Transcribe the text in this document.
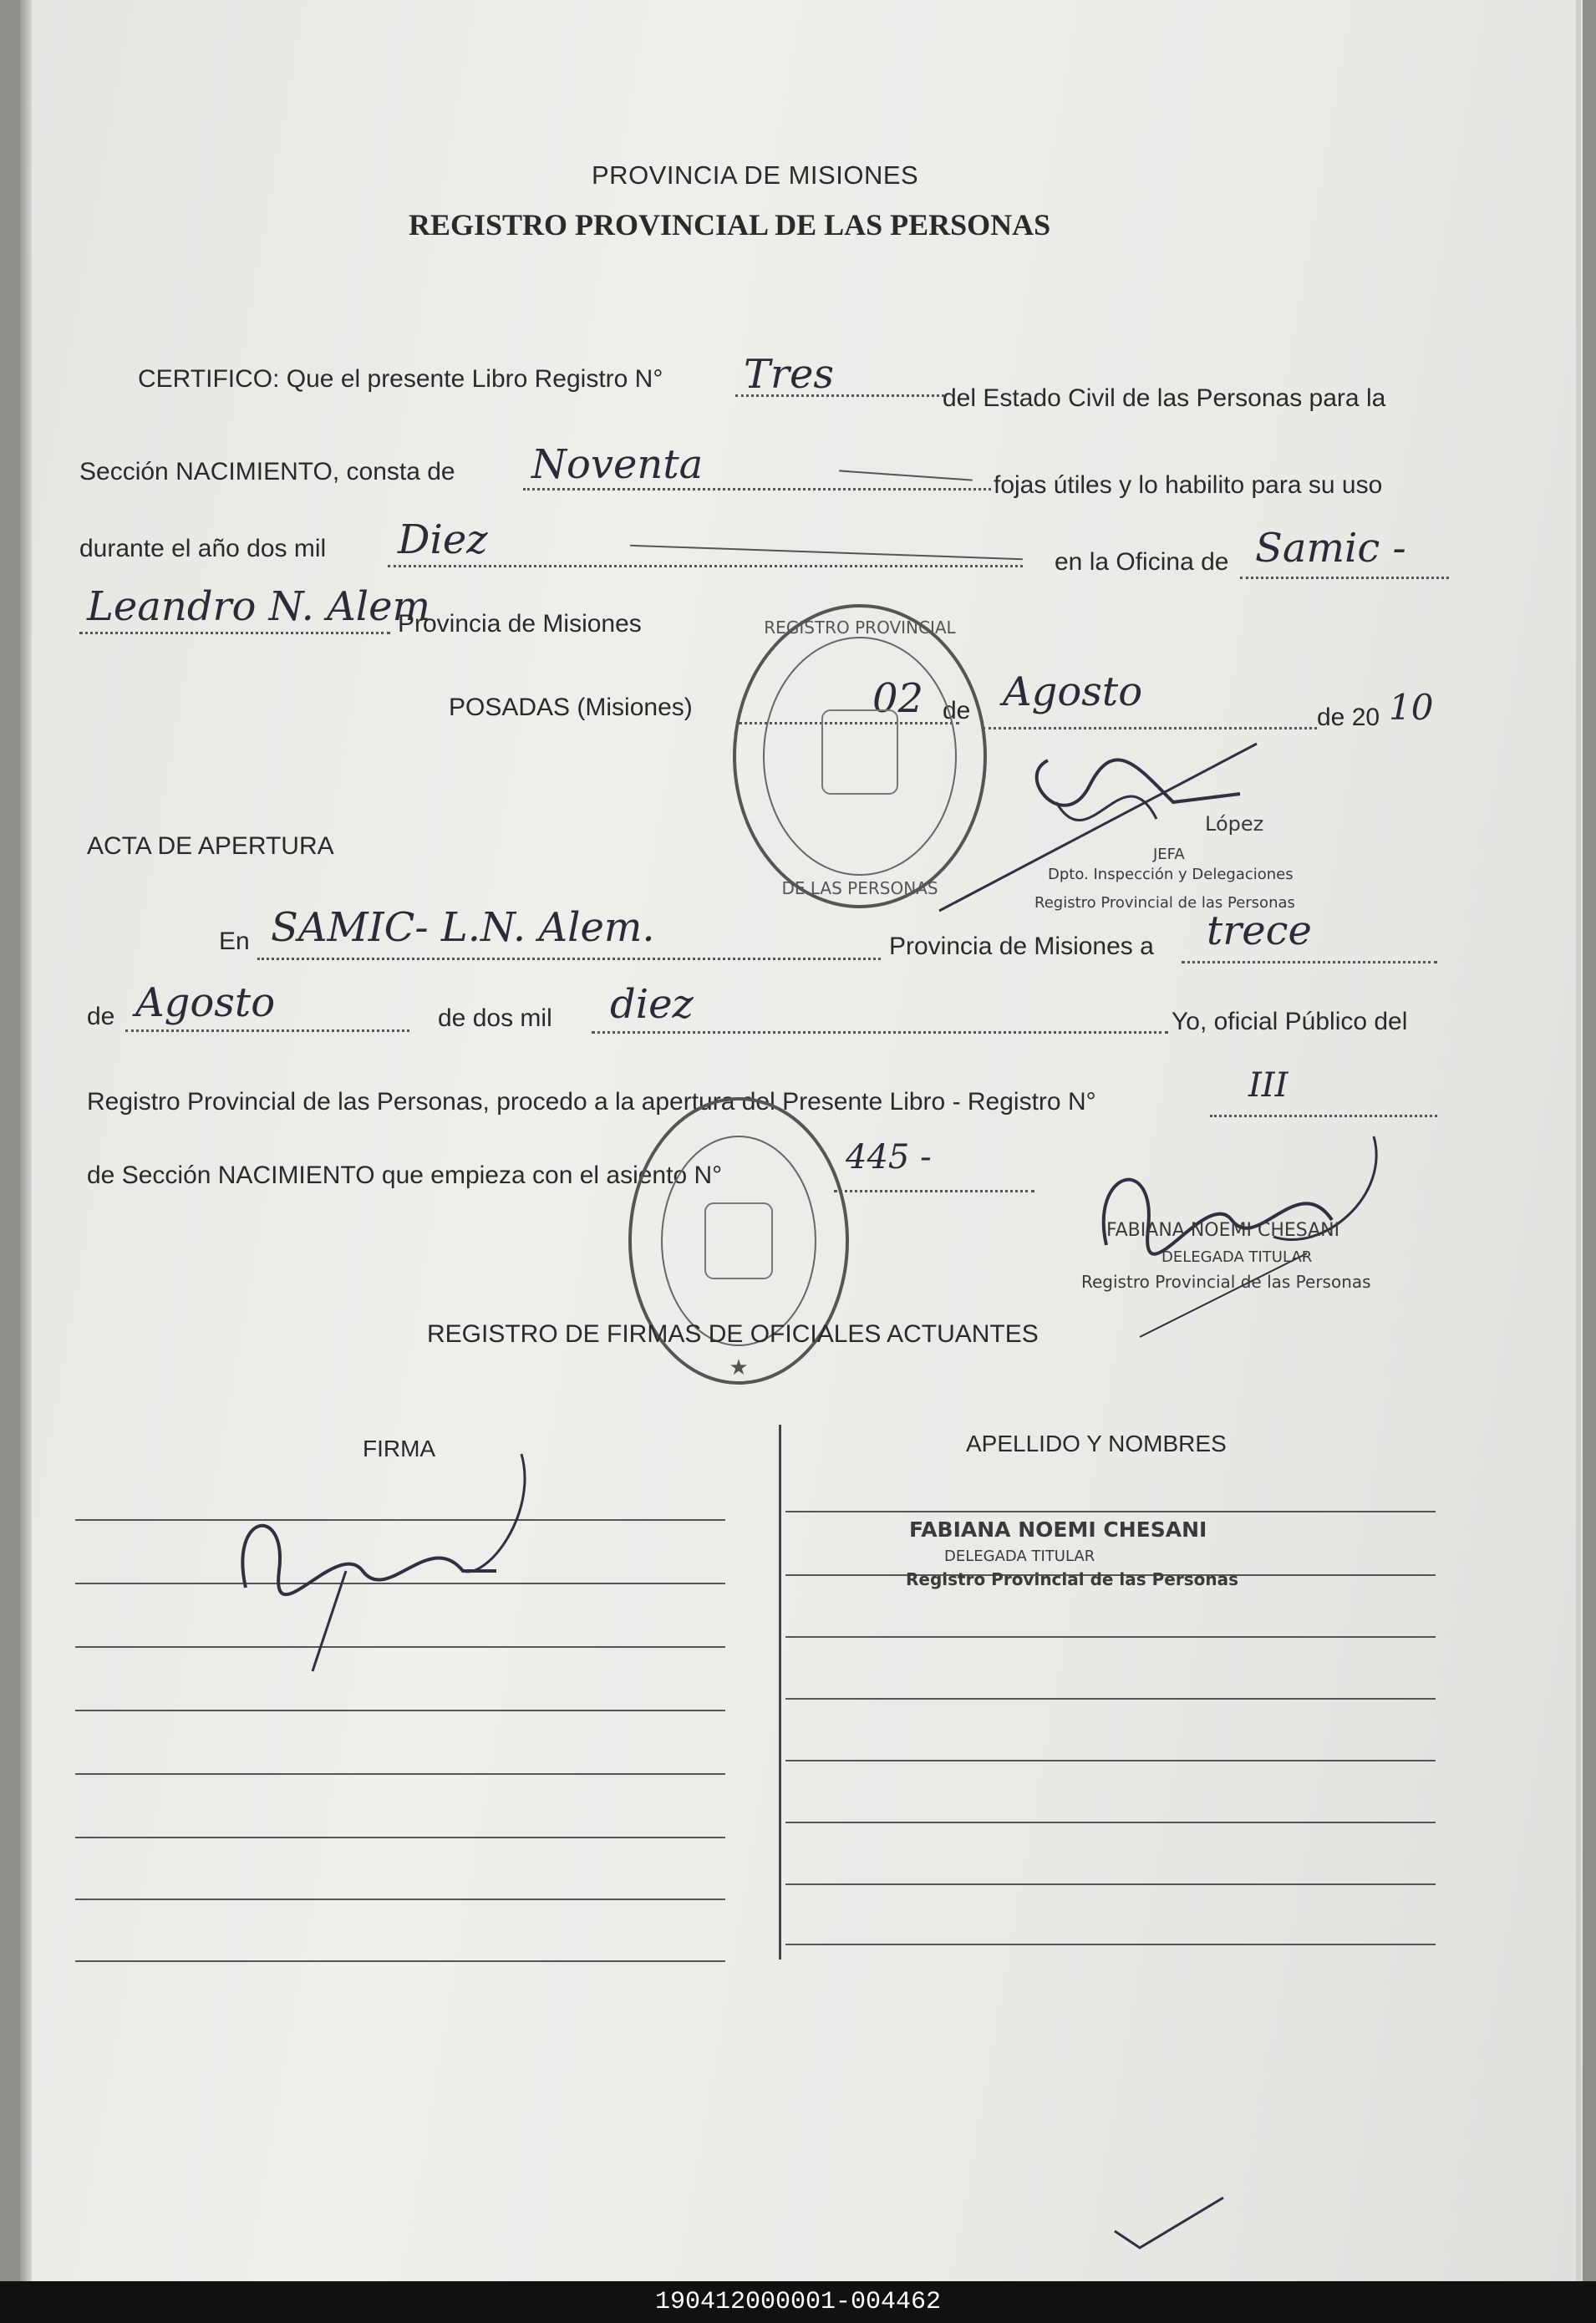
PROVINCIA DE MISIONES
REGISTRO PROVINCIAL DE LAS PERSONAS
CERTIFICO: Que el presente Libro Registro N° Tres
del Estado Civil de las Personas para la
Sección NACIMIENTO, consta de Noventa	fojas útiles y lo habilito para su uso
durante el año dos mil Diez	en la Oficina de Samic -
Leandro N. Alem
Provincia de Misiones
POSADAS (Misiones)	02 de Agosto
de 20 10
REGISTRO PROVINCIAL
DE LAS PERSONAS
López
JEFA
Dpto. Inspección y Delegaciones
Registro Provincial de las Personas
ACTA DE APERTURA
En SAMIC- L.N. Alem.	Provincia de Misiones a trece
de Agosto	de dos mil diez	Yo, oficial Público del
Registro Provincial de las Personas, procedo a la apertura del Presente Libro - Registro N°	III
de Sección NACIMIENTO que empieza con el asiento N°	445 -
★
FABIANA NOEMI CHESANI
DELEGADA TITULAR
Registro Provincial de las Personas
REGISTRO DE FIRMAS DE OFICIALES ACTUANTES
FIRMA	APELLIDO Y NOMBRES
FABIANA NOEMI CHESANI
DELEGADA TITULAR
Registro Provincial de las Personas
190412000001-004462
